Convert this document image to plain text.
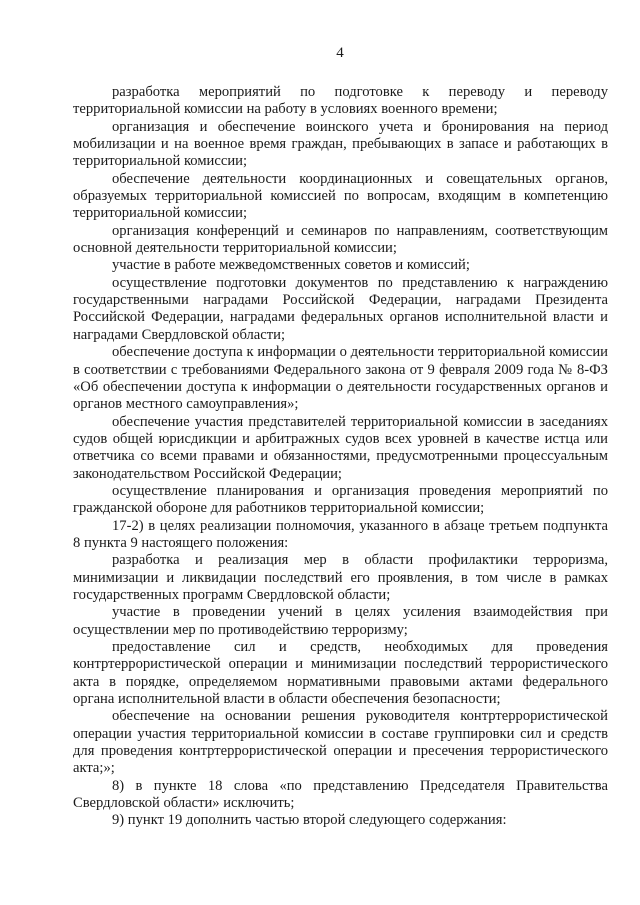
4

разработка мероприятий по подготовке к переводу и переводу территориальной комиссии на работу в условиях военного времени;

организация и обеспечение воинского учета и бронирования на период мобилизации и на военное время граждан, пребывающих в запасе и работающих в территориальной комиссии;

обеспечение деятельности координационных и совещательных органов, образуемых территориальной комиссией по вопросам, входящим в компетенцию территориальной комиссии;

организация конференций и семинаров по направлениям, соответствующим основной деятельности территориальной комиссии;

участие в работе межведомственных советов и комиссий;

осуществление подготовки документов по представлению к награждению государственными наградами Российской Федерации, наградами Президента Российской Федерации, наградами федеральных органов исполнительной власти и наградами Свердловской области;

обеспечение доступа к информации о деятельности территориальной комиссии в соответствии с требованиями Федерального закона от 9 февраля 2009 года № 8-ФЗ «Об обеспечении доступа к информации о деятельности государственных органов и органов местного самоуправления»;

обеспечение участия представителей территориальной комиссии в заседаниях судов общей юрисдикции и арбитражных судов всех уровней в качестве истца или ответчика со всеми правами и обязанностями, предусмотренными процессуальным законодательством Российской Федерации;

осуществление планирования и организация проведения мероприятий по гражданской обороне для работников территориальной комиссии;

17-2) в целях реализации полномочия, указанного в абзаце третьем подпункта 8 пункта 9 настоящего положения:

разработка и реализация мер в области профилактики терроризма, минимизации и ликвидации последствий его проявления, в том числе в рамках государственных программ Свердловской области;

участие в проведении учений в целях усиления взаимодействия при осуществлении мер по противодействию терроризму;

предоставление сил и средств, необходимых для проведения контртеррористической операции и минимизации последствий террористического акта в порядке, определяемом нормативными правовыми актами федерального органа исполнительной власти в области обеспечения безопасности;

обеспечение на основании решения руководителя контртеррористической операции участия территориальной комиссии в составе группировки сил и средств для проведения контртеррористической операции и пресечения террористического акта;»;

8) в пункте 18 слова «по представлению Председателя Правительства Свердловской области» исключить;

9) пункт 19 дополнить частью второй следующего содержания:
